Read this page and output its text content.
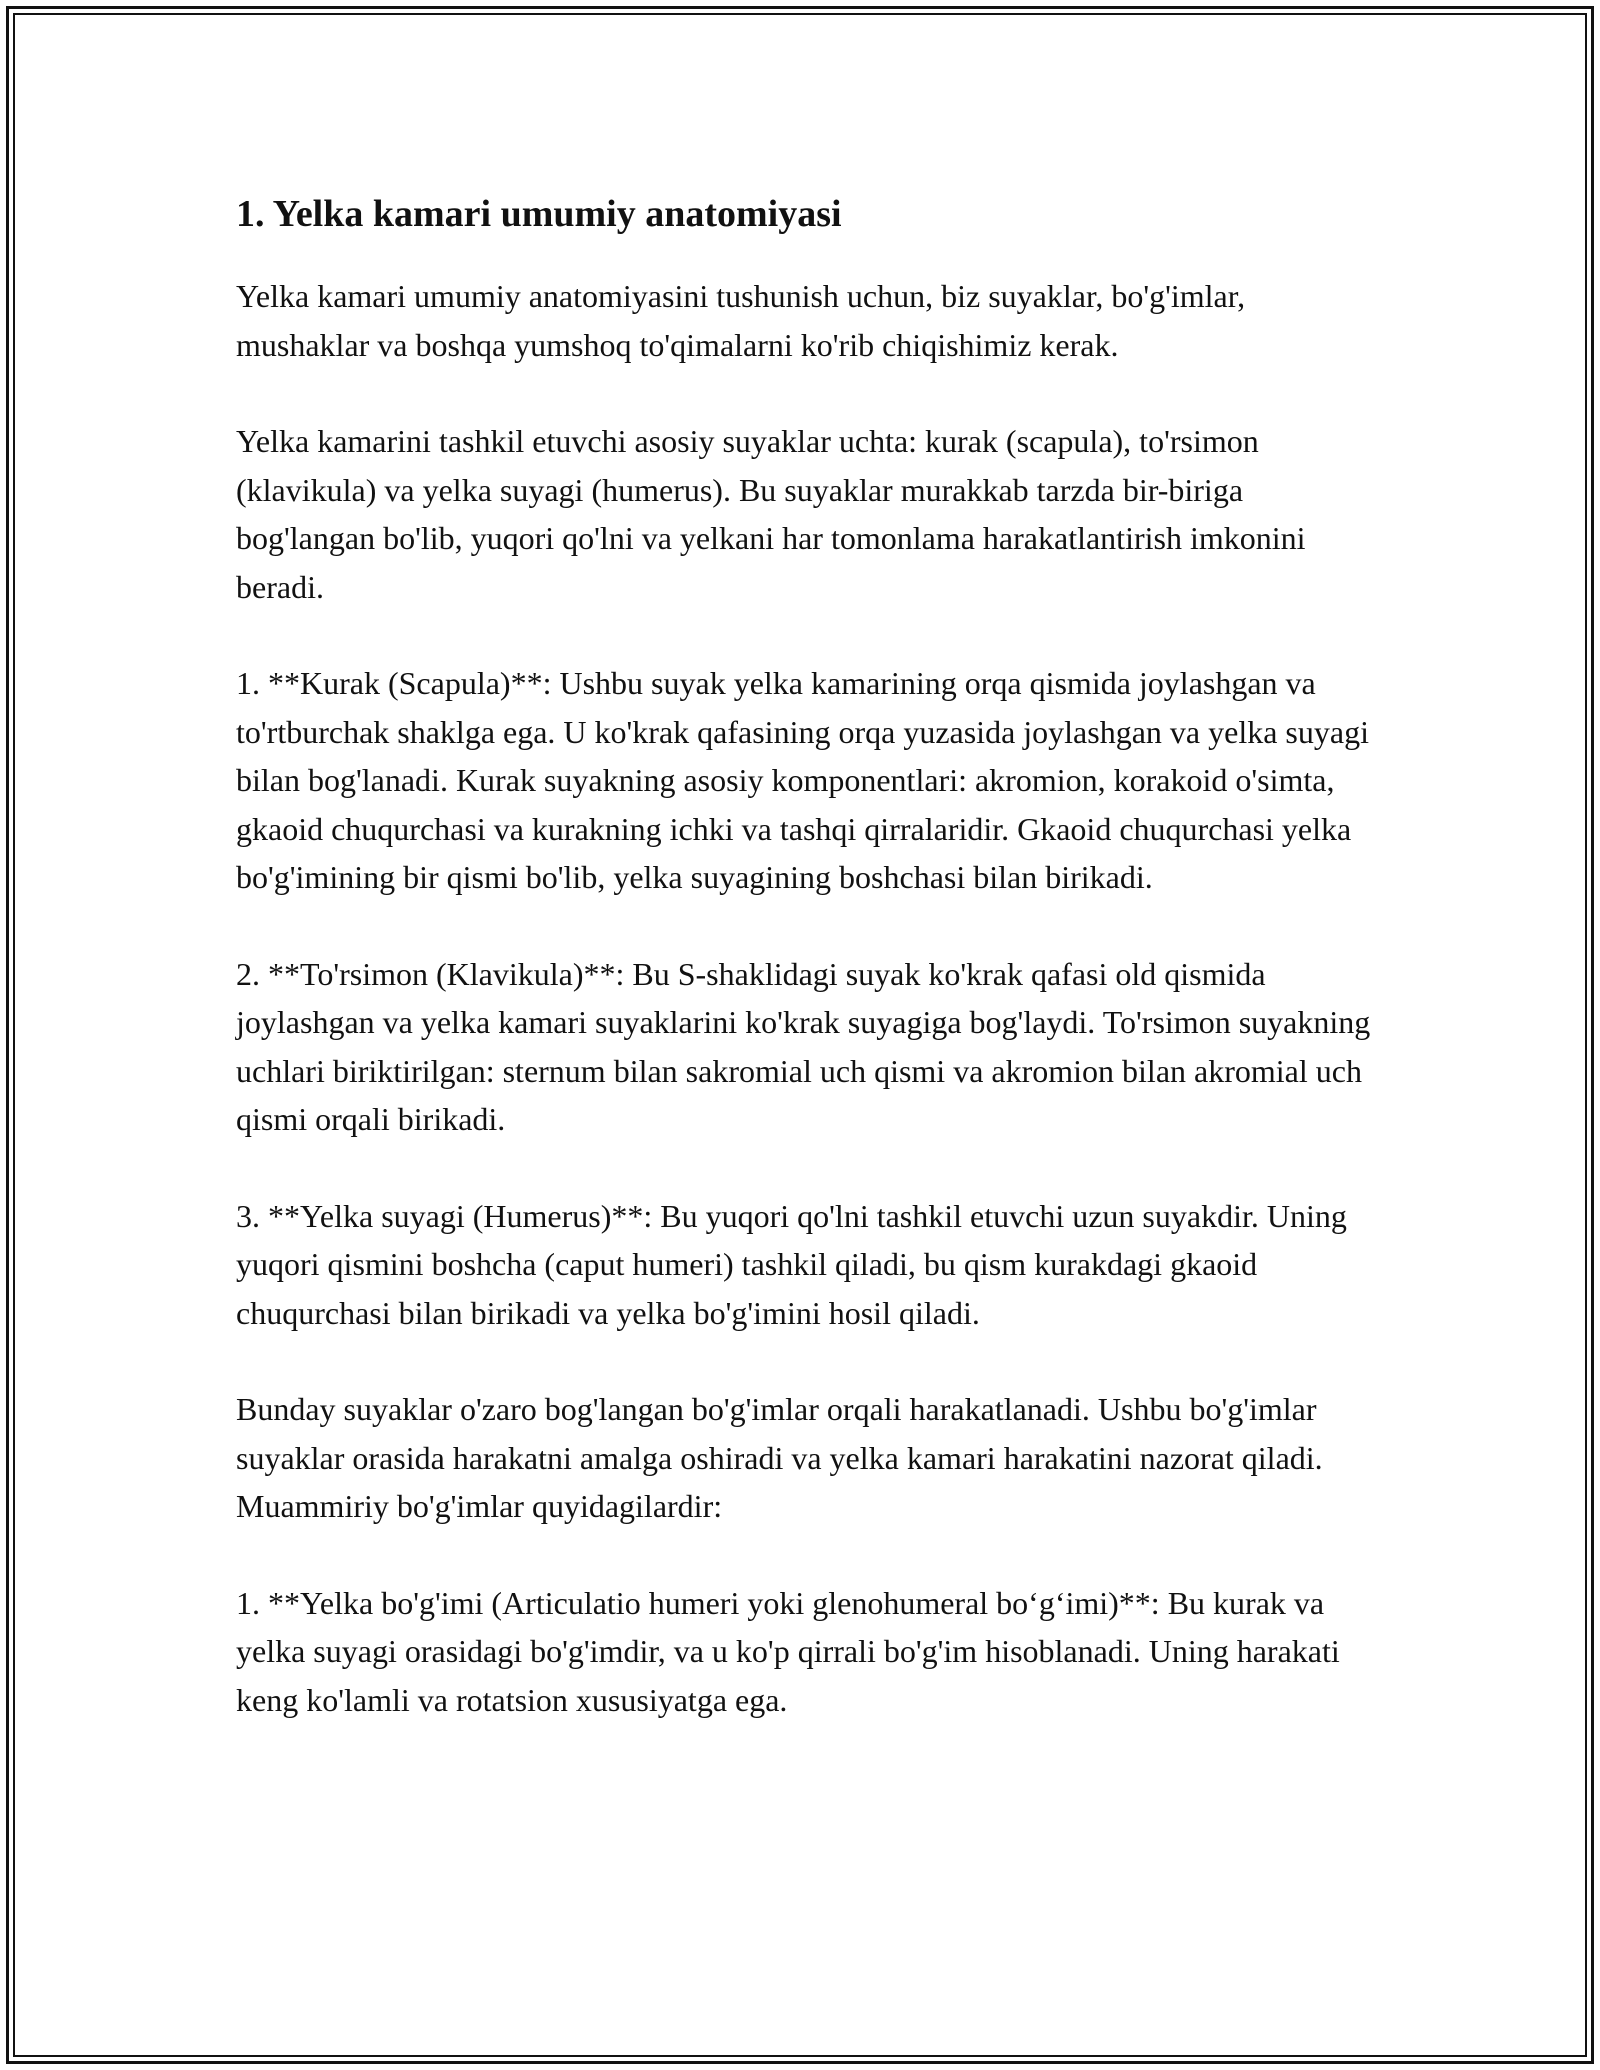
1. Yelka kamari umumiy anatomiyasi

Yelka kamari umumiy anatomiyasini tushunish uchun, biz suyaklar, bo'g'imlar, mushaklar va boshqa yumshoq to'qimalarni ko'rib chiqishimiz kerak.

Yelka kamarini tashkil etuvchi asosiy suyaklar uchta: kurak (scapula), to'rsimon (klavikula) va yelka suyagi (humerus). Bu suyaklar murakkab tarzda bir-biriga bog'langan bo'lib, yuqori qo'lni va yelkani har tomonlama harakatlantirish imkonini beradi.

1. **Kurak (Scapula)**: Ushbu suyak yelka kamarining orqa qismida joylashgan va to'rtburchak shaklga ega. U ko'krak qafasining orqa yuzasida joylashgan va yelka suyagi bilan bog'lanadi. Kurak suyakning asosiy komponentlari: akromion, korakoid o'simta, gkaoid chuqurchasi va kurakning ichki va tashqi qirralaridir. Gkaoid chuqurchasi yelka bo'g'imining bir qismi bo'lib, yelka suyagining boshchasi bilan birikadi.

2. **To'rsimon (Klavikula)**: Bu S-shaklidagi suyak ko'krak qafasi old qismida joylashgan va yelka kamari suyaklarini ko'krak suyagiga bog'laydi. To'rsimon suyakning uchlari biriktirilgan: sternum bilan sakromial uch qismi va akromion bilan akromial uch qismi orqali birikadi.

3. **Yelka suyagi (Humerus)**: Bu yuqori qo'lni tashkil etuvchi uzun suyakdir. Uning yuqori qismini boshcha (caput humeri) tashkil qiladi, bu qism kurakdagi gkaoid chuqurchasi bilan birikadi va yelka bo'g'imini hosil qiladi.

Bunday suyaklar o'zaro bog'langan bo'g'imlar orqali harakatlanadi. Ushbu bo'g'imlar suyaklar orasida harakatni amalga oshiradi va yelka kamari harakatini nazorat qiladi. Muammiriy bo'g'imlar quyidagilardir:

1. **Yelka bo'g'imi (Articulatio humeri yoki glenohumeral bo‘g‘imi)**: Bu kurak va yelka suyagi orasidagi bo'g'imdir, va u ko'p qirrali bo'g'im hisoblanadi. Uning harakati keng ko'lamli va rotatsion xususiyatga ega.
